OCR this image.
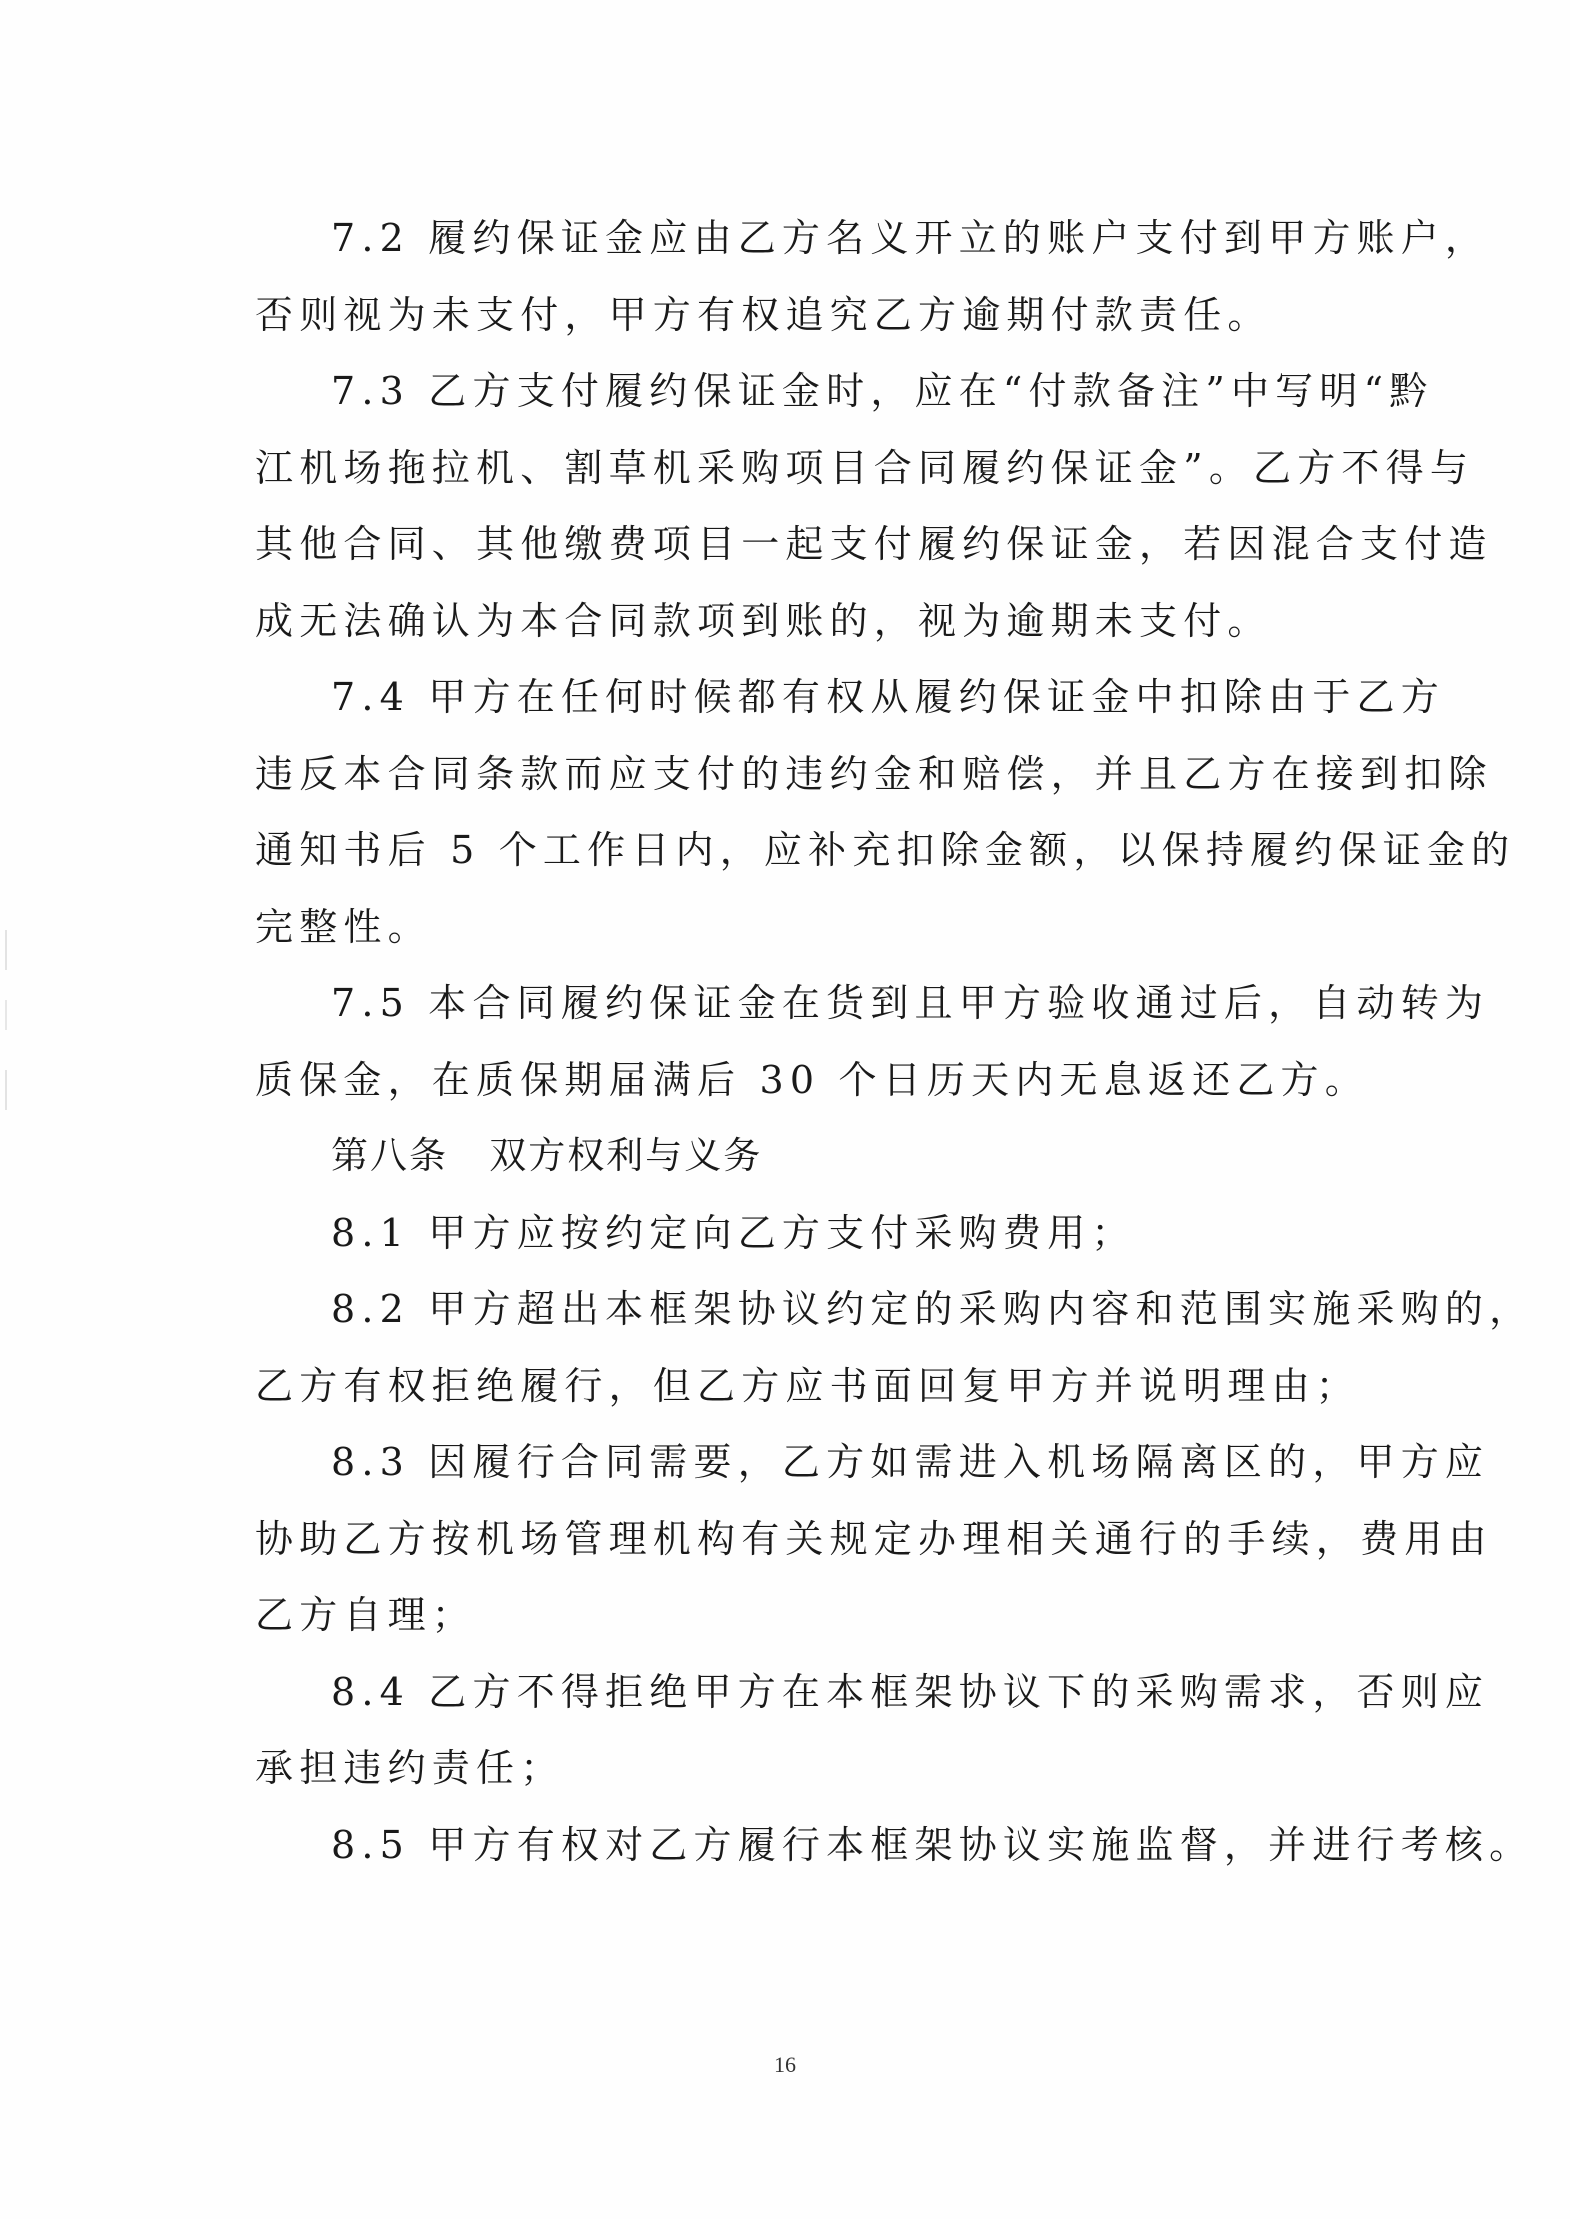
7.2 履约保证金应由乙方名义开立的账户支付到甲方账户，
否则视为未支付，甲方有权追究乙方逾期付款责任。

7.3 乙方支付履约保证金时，应在“付款备注”中写明“黔
江机场拖拉机、割草机采购项目合同履约保证金”。乙方不得与
其他合同、其他缴费项目一起支付履约保证金，若因混合支付造
成无法确认为本合同款项到账的，视为逾期未支付。

7.4 甲方在任何时候都有权从履约保证金中扣除由于乙方
违反本合同条款而应支付的违约金和赔偿，并且乙方在接到扣除
通知书后 5 个工作日内，应补充扣除金额，以保持履约保证金的
完整性。

7.5 本合同履约保证金在货到且甲方验收通过后，自动转为
质保金，在质保期届满后 30 个日历天内无息返还乙方。

第八条   双方权利与义务

8.1 甲方应按约定向乙方支付采购费用；

8.2 甲方超出本框架协议约定的采购内容和范围实施采购的，
乙方有权拒绝履行，但乙方应书面回复甲方并说明理由；

8.3 因履行合同需要，乙方如需进入机场隔离区的，甲方应
协助乙方按机场管理机构有关规定办理相关通行的手续，费用由
乙方自理；

8.4 乙方不得拒绝甲方在本框架协议下的采购需求，否则应
承担违约责任；

8.5 甲方有权对乙方履行本框架协议实施监督，并进行考核。

16
